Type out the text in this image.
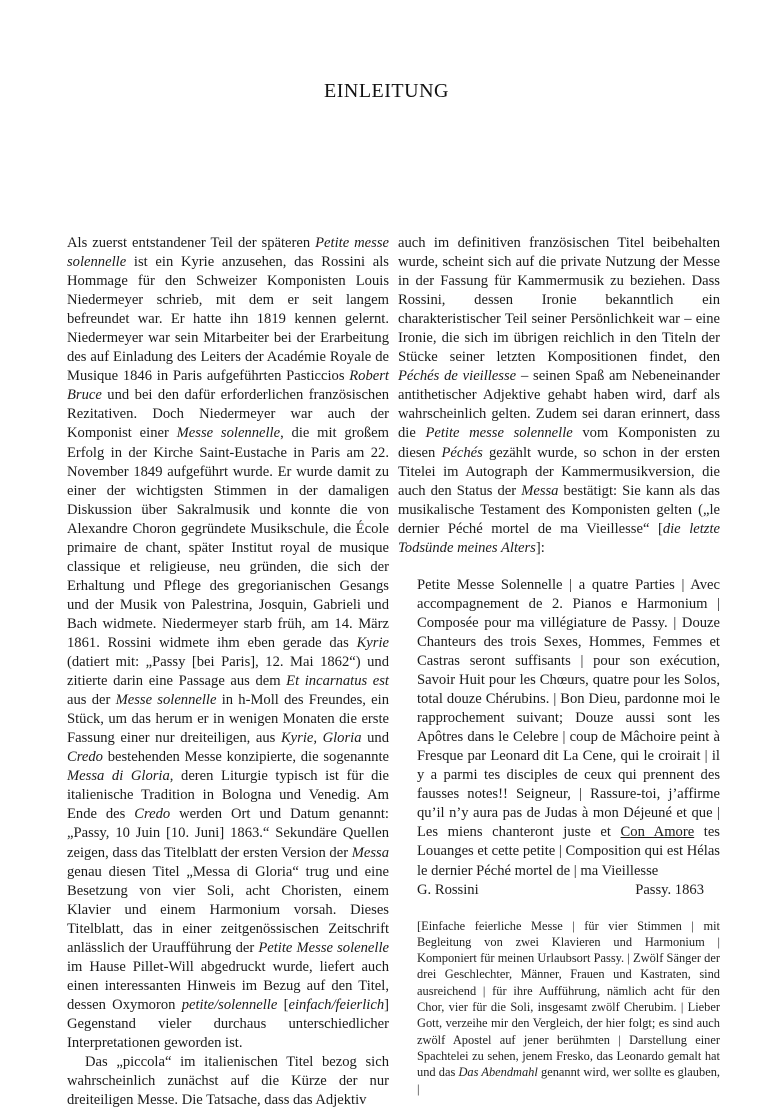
EINLEITUNG

Als zuerst entstandener Teil der späteren Petite messe solennelle ist ein Kyrie anzusehen, das Rossini als Hommage für den Schweizer Komponisten Louis Niedermeyer schrieb, mit dem er seit langem befreundet war. Er hatte ihn 1819 kennen gelernt. Niedermeyer war sein Mitarbeiter bei der Erarbeitung des auf Einladung des Leiters der Académie Royale de Musique 1846 in Paris aufgeführten Pasticcios Robert Bruce und bei den dafür erforderlichen französischen Rezitativen. Doch Niedermeyer war auch der Komponist einer Messe solennelle, die mit großem Erfolg in der Kirche Saint-Eustache in Paris am 22. November 1849 aufgeführt wurde. Er wurde damit zu einer der wichtigsten Stimmen in der damaligen Diskussion über Sakralmusik und konnte die von Alexandre Choron gegründete Musikschule, die École primaire de chant, später Institut royal de musique classique et religieuse, neu gründen, die sich der Erhaltung und Pflege des gregorianischen Gesangs und der Musik von Palestrina, Josquin, Gabrieli und Bach widmete. Niedermeyer starb früh, am 14. März 1861. Rossini widmete ihm eben gerade das Kyrie (datiert mit: „Passy [bei Paris], 12. Mai 1862“) und zitierte darin eine Passage aus dem Et incarnatus est aus der Messe solennelle in h-Moll des Freundes, ein Stück, um das herum er in wenigen Monaten die erste Fassung einer nur dreiteiligen, aus Kyrie, Gloria und Credo bestehenden Messe konzipierte, die sogenannte Messa di Gloria, deren Liturgie typisch ist für die italienische Tradition in Bologna und Venedig. Am Ende des Credo werden Ort und Datum genannt: „Passy, 10 Juin [10. Juni] 1863.“ Sekundäre Quellen zeigen, dass das Titelblatt der ersten Version der Messa genau diesen Titel „Messa di Gloria“ trug und eine Besetzung von vier Soli, acht Choristen, einem Klavier und einem Harmonium vorsah. Dieses Titelblatt, das in einer zeitgenössischen Zeitschrift anlässlich der Uraufführung der Petite Messe solenelle im Hause Pillet-Will abgedruckt wurde, liefert auch einen interessanten Hinweis im Bezug auf den Titel, dessen Oxymoron petite/solennelle [einfach/feierlich] Gegenstand vieler durchaus unterschiedlicher Interpretationen geworden ist.

Das „piccola“ im italienischen Titel bezog sich wahrscheinlich zunächst auf die Kürze der nur dreiteiligen Messe. Die Tatsache, dass das Adjektiv

auch im definitiven französischen Titel beibehalten wurde, scheint sich auf die private Nutzung der Messe in der Fassung für Kammermusik zu beziehen. Dass Rossini, dessen Ironie bekanntlich ein charakteristischer Teil seiner Persönlichkeit war – eine Ironie, die sich im übrigen reichlich in den Titeln der Stücke seiner letzten Kompositionen findet, den Péchés de vieillesse – seinen Spaß am Nebeneinander antithetischer Adjektive gehabt haben wird, darf als wahrscheinlich gelten. Zudem sei daran erinnert, dass die Petite messe solennelle vom Komponisten zu diesen Péchés gezählt wurde, so schon in der ersten Titelei im Autograph der Kammermusikversion, die auch den Status der Messa bestätigt: Sie kann als das musikalische Testament des Komponisten gelten („le dernier Péché mortel de ma Vieillesse“ [die letzte Todsünde meines Alters]:

Petite Messe Solennelle | a quatre Parties | Avec accompagnement de 2. Pianos e Harmonium | Composée pour ma villégiature de Passy. | Douze Chanteurs des trois Sexes, Hommes, Femmes et Castras seront suffisants | pour son exécution, Savoir Huit pour les Chœurs, quatre pour les Solos, total douze Chérubins. | Bon Dieu, pardonne moi le rapprochement suivant; Douze aussi sont les Apôtres dans le Celebre | coup de Mâchoire peint à Fresque par Leonard dit La Cene, qui le croirait | il y a parmi tes disciples de ceux qui prennent des fausses notes!! Seigneur, | Rassure-toi, j’affirme qu’il n’y aura pas de Judas à mon Déjeuné et que | Les miens chanteront juste et Con Amore tes Louanges et cette petite | Composition qui est Hélas le dernier Péché mortel de | ma Vieillesse

G. Rossini	Passy. 1863

[Einfache feierliche Messe | für vier Stimmen | mit Begleitung von zwei Klavieren und Harmonium | Komponiert für meinen Urlaubsort Passy. | Zwölf Sänger der drei Geschlechter, Männer, Frauen und Kastraten, sind ausreichend | für ihre Aufführung, nämlich acht für den Chor, vier für die Soli, insgesamt zwölf Cherubim. | Lieber Gott, verzeihe mir den Vergleich, der hier folgt; es sind auch zwölf Apostel auf jener berühmten | Darstellung einer Spachtelei zu sehen, jenem Fresko, das Leonardo gemalt hat und das Das Abendmahl genannt wird, wer sollte es glauben, |
